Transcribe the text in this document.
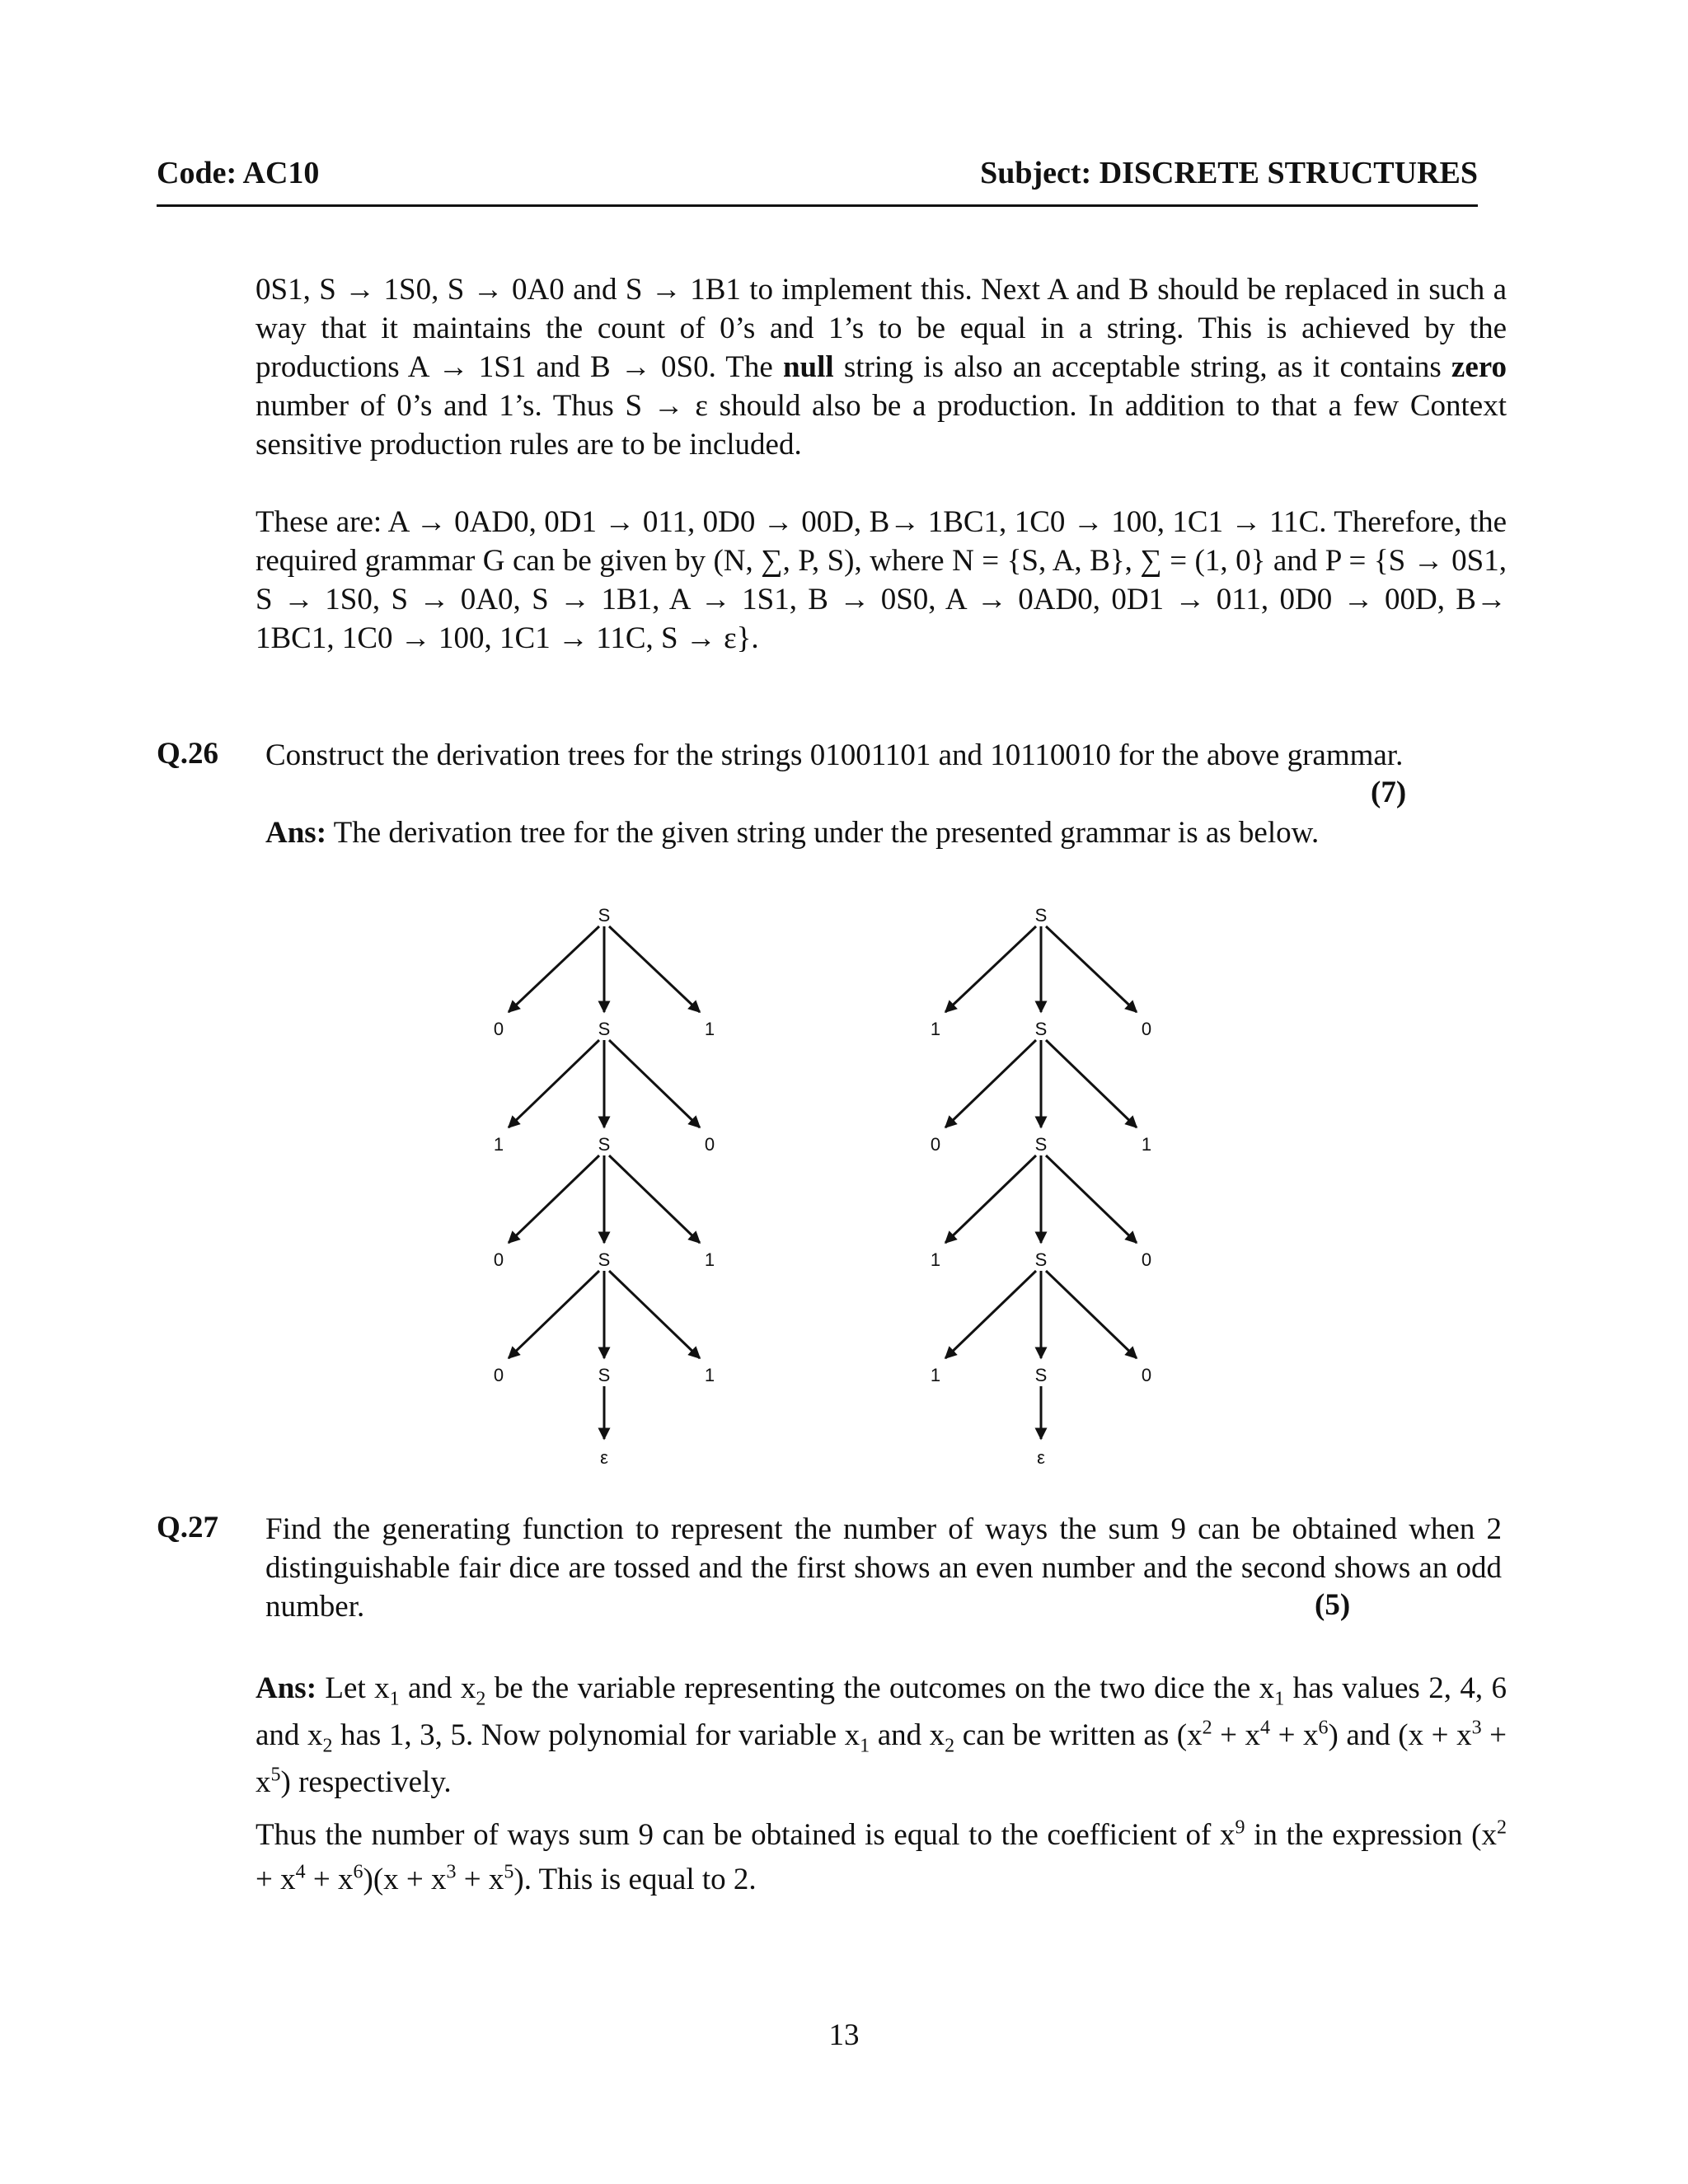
Code: AC10	Subject: DISCRETE STRUCTURES

0S1, S → 1S0, S → 0A0 and S → 1B1 to implement this. Next A and B should be replaced in such a way that it maintains the count of 0’s and 1’s to be equal in a string. This is achieved by the productions A → 1S1 and B → 0S0. The null string is also an acceptable string, as it contains zero number of 0’s and 1’s. Thus S → ε should also be a production. In addition to that a few Context sensitive production rules are to be included.

These are: A → 0AD0, 0D1 → 011, 0D0 → 00D, B→ 1BC1, 1C0 → 100, 1C1 → 11C. Therefore, the required grammar G can be given by (N, ∑, P, S), where N = {S, A, B}, ∑ = (1, 0} and P = {S → 0S1, S → 1S0, S → 0A0, S → 1B1, A → 1S1, B → 0S0, A → 0AD0, 0D1 → 011, 0D0 → 00D, B→ 1BC1, 1C0 → 100, 1C1 → 11C, S → ε}.

Q.26 Construct the derivation trees for the strings 01001101 and 10110010 for the above grammar.

(7)

Ans: The derivation tree for the given string under the presented grammar is as below.

S
0	S	1
1	S	0
0	S	1
0	S	1
ε
S
1	S	0
0	S	1
1	S	0
1	S	0
ε
Q.27 Find the generating function to represent the number of ways the sum 9 can be obtained when 2 distinguishable fair dice are tossed and the first shows an even number and the second shows an odd number.	(5)

Ans: Let $x_1$ and $x_2$ be the variable representing the outcomes on the two dice the $x_1$ has values 2, 4, 6 and $x_2$ has 1, 3, 5. Now polynomial for variable $x_1$ and $x_2$ can be written as $(x^2 + x^4 + x^6)$ and $(x + x^3 + x^5)$ respectively.

Thus the number of ways sum 9 can be obtained is equal to the coefficient of $x^9$ in the expression $(x^2 + x^4 + x^6)(x + x^3 + x^5)$. This is equal to 2.

13
